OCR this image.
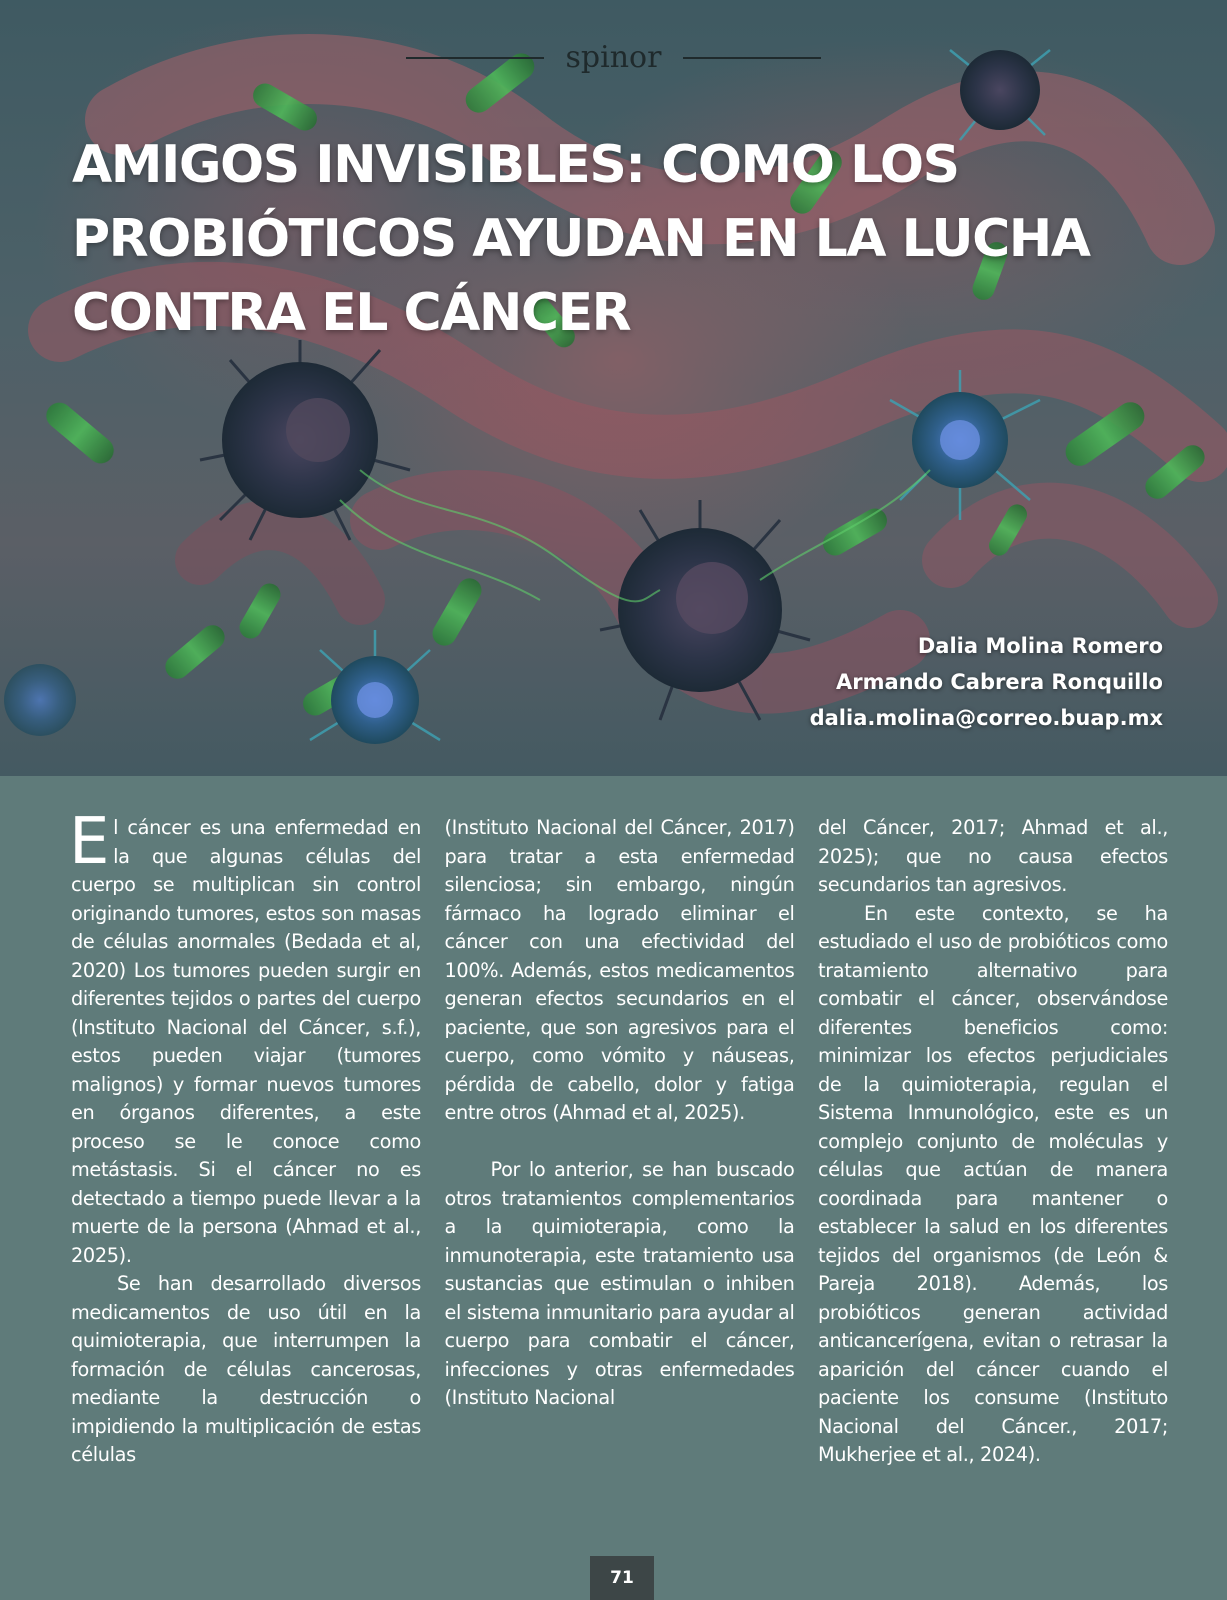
spinor
AMIGOS INVISIBLES: COMO LOS PROBIÓTICOS AYUDAN EN LA LUCHA CONTRA EL CÁNCER
Dalia Molina Romero
Armando Cabrera Ronquillo
dalia.molina@correo.buap.mx

El cáncer es una enfermedad en la que algunas células del cuerpo se multiplican sin control originando tumores, estos son masas de células anormales (Bedada et al, 2020) Los tumores pueden surgir en diferentes tejidos o partes del cuerpo (Instituto Nacional del Cáncer, s.f.), estos pueden viajar (tumores malignos) y formar nuevos tumores en órganos diferentes, a este proceso se le conoce como metástasis. Si el cáncer no es detectado a tiempo puede llevar a la muerte de la persona (Ahmad et al., 2025).

Se han desarrollado diversos medicamentos de uso útil en la quimioterapia, que interrumpen la formación de células cancerosas, mediante la destrucción o impidiendo la multiplicación de estas células

(Instituto Nacional del Cáncer, 2017) para tratar a esta enfermedad silenciosa; sin embargo, ningún fármaco ha logrado eliminar el cáncer con una efectividad del 100%. Además, estos medicamentos generan efectos secundarios en el paciente, que son agresivos para el cuerpo, como vómito y náuseas, pérdida de cabello, dolor y fatiga entre otros (Ahmad et al, 2025).

Por lo anterior, se han buscado otros tratamientos complementarios a la quimioterapia, como la inmunoterapia, este tratamiento usa sustancias que estimulan o inhiben el sistema inmunitario para ayudar al cuerpo para combatir el cáncer, infecciones y otras enfermedades (Instituto Nacional

del Cáncer, 2017; Ahmad et al., 2025); que no causa efectos secundarios tan agresivos.

En este contexto, se ha estudiado el uso de probióticos como tratamiento alternativo para combatir el cáncer, observándose diferentes beneficios como: minimizar los efectos perjudiciales de la quimioterapia, regulan el Sistema Inmunológico, este es un complejo conjunto de moléculas y células que actúan de manera coordinada para mantener o establecer la salud en los diferentes tejidos del organismos (de León & Pareja 2018). Además, los probióticos generan actividad anticancerígena, evitan o retrasar la aparición del cáncer cuando el paciente los consume (Instituto Nacional del Cáncer., 2017; Mukherjee et al., 2024).

71
